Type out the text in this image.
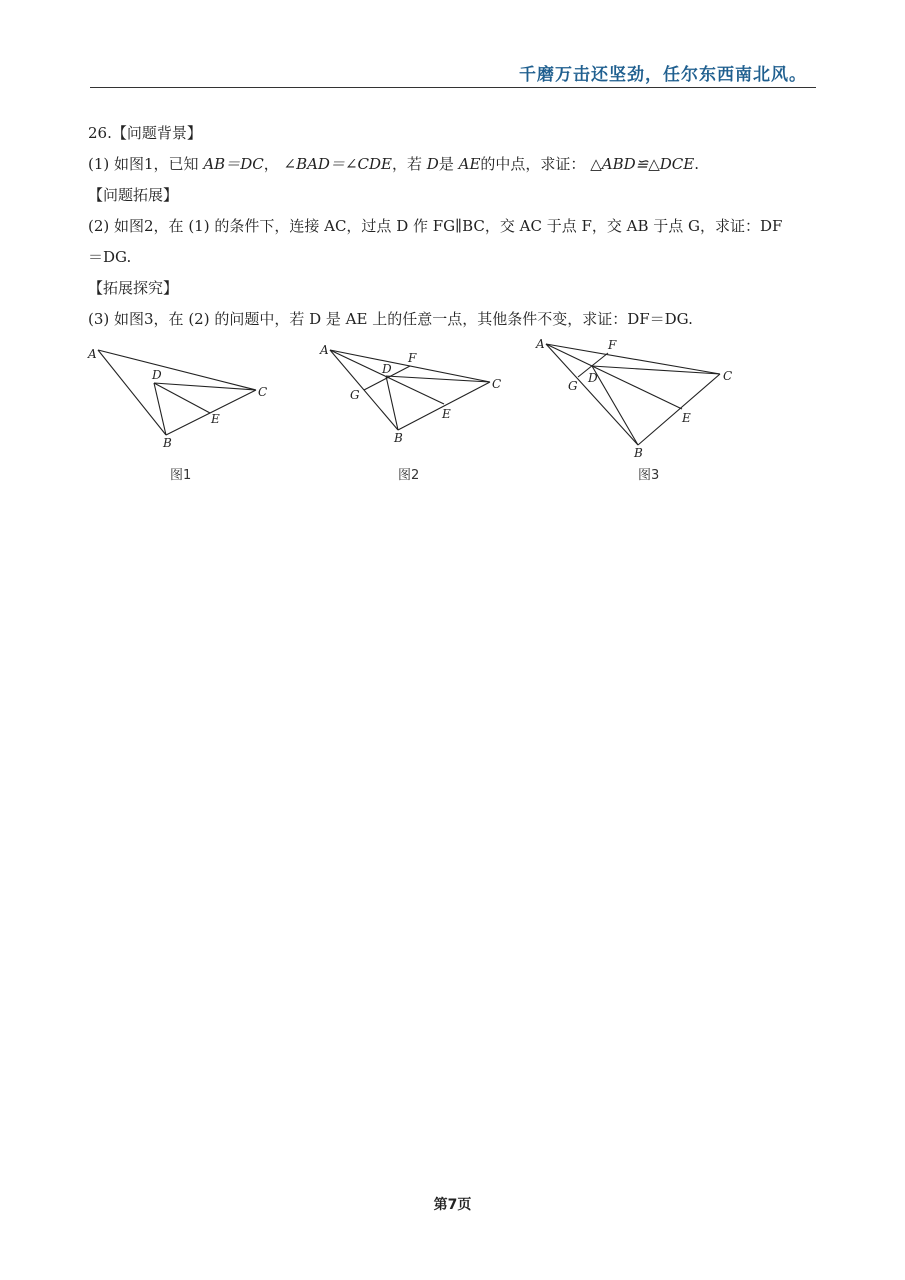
千磨万击还坚劲，任尔东西南北风。
26.【问题背景】
(1) 如图1，已知 AB＝DC， ∠BAD＝∠CDE，若 D是 AE的中点，求证： △ABD≌△DCE.
【问题拓展】
(2) 如图2，在 (1) 的条件下，连接 AC，过点 D 作 FG∥BC，交 AC 于点 F，交 AB 于点 G，求证：DF
＝DG.
【拓展探究】
(3) 如图3，在 (2) 的问题中，若 D 是 AE 上的任意一点，其他条件不变，求证：DF＝DG.
A
B
C
D
E
图1
A
B
C
D
E
F
G
图2
A
B
C
D
E
F
G
图3
第7页
